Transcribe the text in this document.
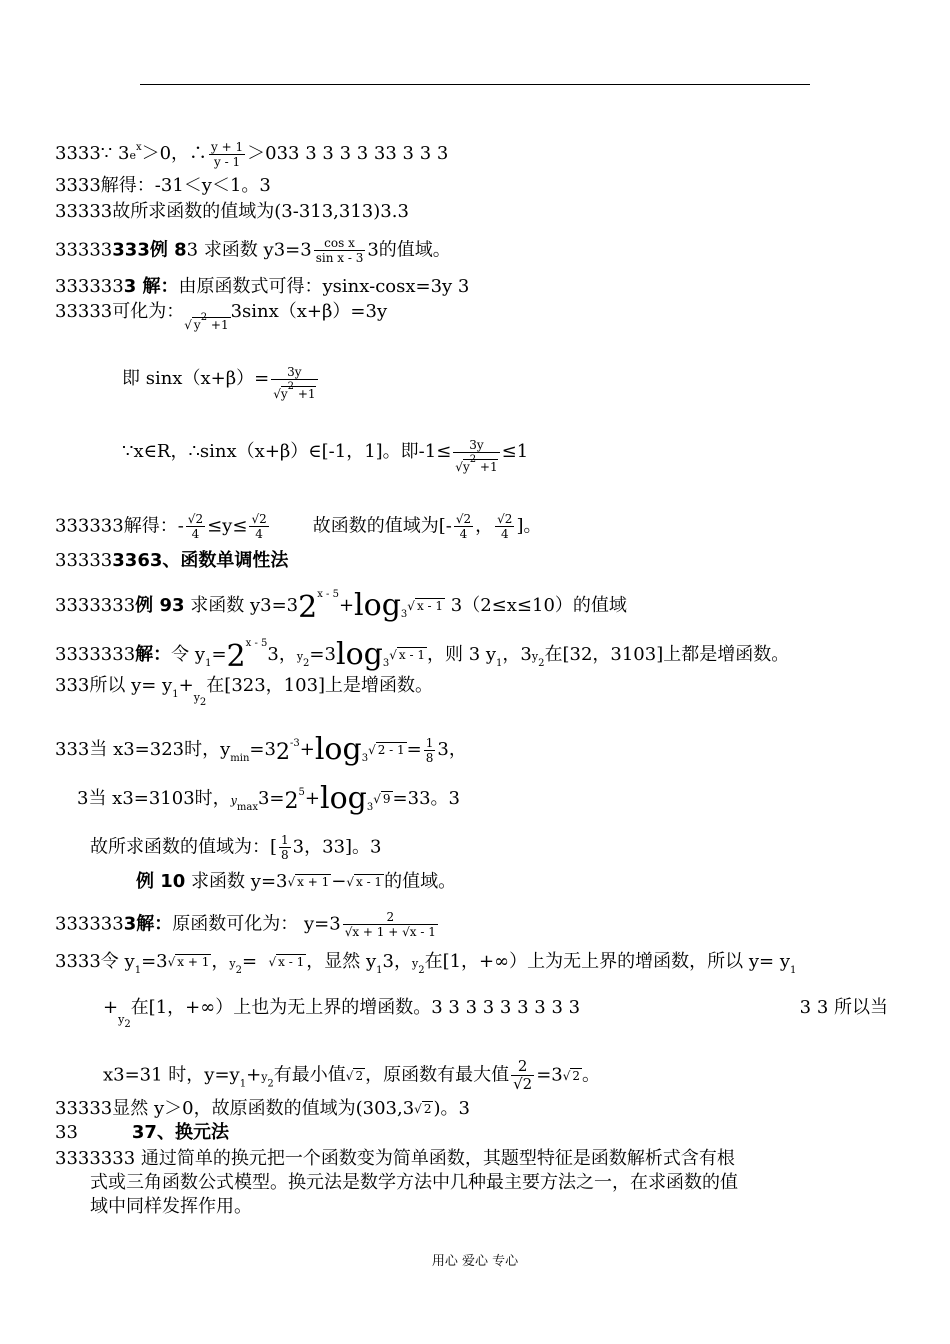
3333∵ $3e^x>0$，∴ $\frac{y + 1}{y - 1} >033$ 3 3 3 3 33 3 3 3
3333解得：-31＜y＜1。3
33333故所求函数的值域为(3-313,313)3.3
33333333例 83 求函数 $y3=3 \frac{\text{cos x}}{\text{sin x - 3}} 3$的值域。
3333333 解：由原函数式可得：ysinx-cosx=3y 3
33333可化为：√ $y^2 +13\sin x(x+\beta)=3y$
即 $\sin x(x+\beta)= \frac{3y}{√y^2 +1}$
∵x∈R，∴sinx（x+β）∈[-1，1]。即$-1\le \frac{3y}{√y^2 +1} \le 1$
333333解得：- $\frac{√2}{4} \le y\le \frac{√2}{4}$ 故函数的值域为[- $\frac{√2}{4}$ ， $\frac{√2}{4}$ ]。
333333363、函数单调性法
3333333例 93 求函数 $y3=32^{x - 5}+\log_3√$ x - 1 3（2≤x≤10）的值域
3333333解：令 $y_1=2^{x - 5}3$，$y_2=3\log_3√$ x - 1 ，则 3 $y_1$，$3y_2$在[32，3103]上都是增函数。
333所以 $y= y_1+_{y2}$在[323，103]上是增函数。
333当 x3=323时，$y_{min}=32^{-3}+\log_3√$ $2 - 1 = \frac{1}{8} 3$，
3当 x3=3103时，$y_{max}3=2^5+\log_3√$ 9 =33。3
故所求函数的值域为：[ $\frac{1}{8} 3$，33]。3
例 10 求函数 y=3√ x + 1 −√ x - 1 的值域。
3333333解：原函数可化为： $y=3 \frac{2}{√x + 1 + √x - 1}$
3333令 $y_1=3√$ x + 1 ，$y_2=$ √ x - 1 ，显然 $y_13$，$y_2$在[1，+∞）上为无上界的增函数，所以 $y= y_1$
$+_{y2}$在[1，+∞）上也为无上界的增函数。3 3 3 3 3 3 3 3 3	3 3 所以当
x3=31 时，$y=y_1+y_2$有最小值√ 2 ，原函数有最大值 $\frac{2}{√2} =3√$ 2 。
33333显然 y＞0，故原函数的值域为(303,3√ 2 )。3
33	37、换元法
3333333 通过简单的换元把一个函数变为简单函数，其题型特征是函数解析式含有根
式或三角函数公式模型。换元法是数学方法中几种最主要方法之一，在求函数的值
域中同样发挥作用。
用心 爱心 专心
